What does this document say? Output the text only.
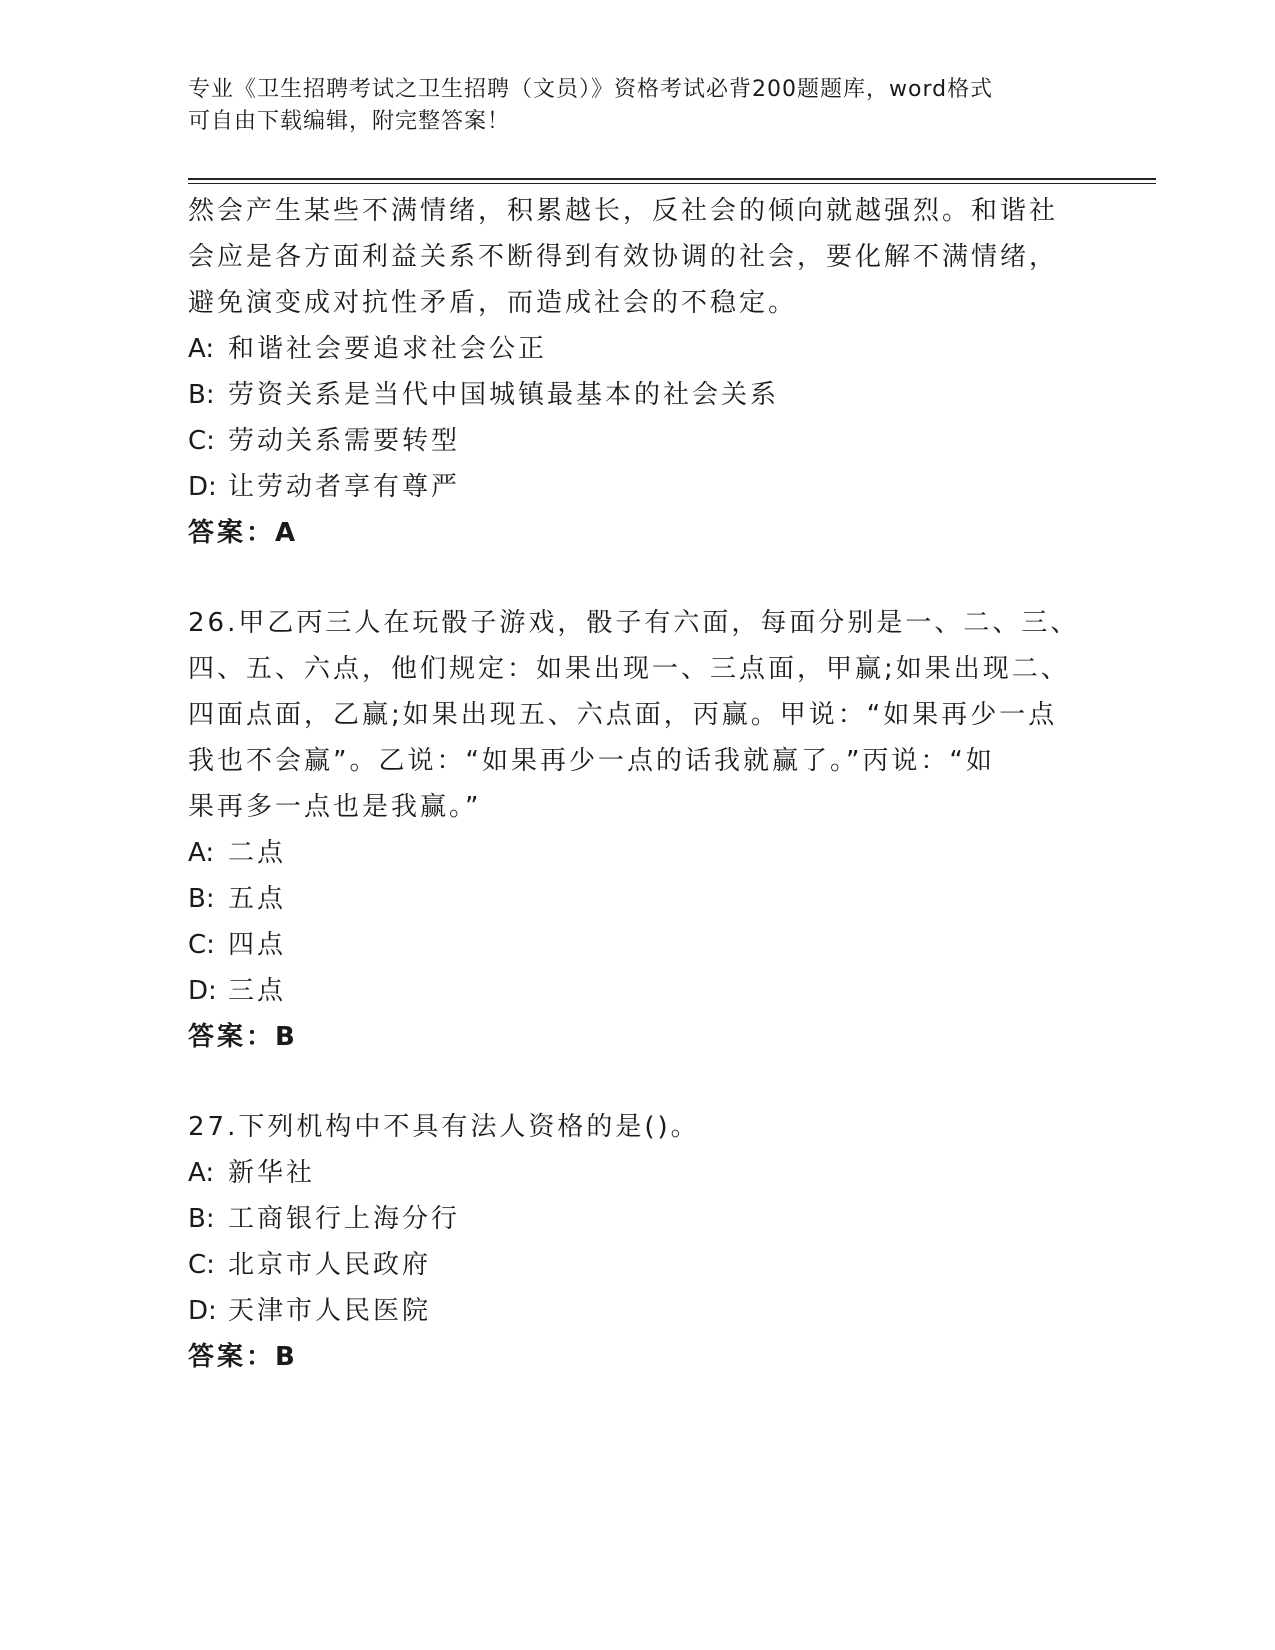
专业《卫生招聘考试之卫生招聘（文员）》资格考试必背200题题库，word格式
可自由下载编辑，附完整答案！
然会产生某些不满情绪，积累越长，反社会的倾向就越强烈。和谐社
会应是各方面利益关系不断得到有效协调的社会，要化解不满情绪，
避免演变成对抗性矛盾，而造成社会的不稳定。
A: 和谐社会要追求社会公正
B: 劳资关系是当代中国城镇最基本的社会关系
C: 劳动关系需要转型
D: 让劳动者享有尊严
答案：A
26.甲乙丙三人在玩骰子游戏，骰子有六面，每面分别是一、二、三、
四、五、六点，他们规定：如果出现一、三点面，甲赢;如果出现二、
四面点面，乙赢;如果出现五、六点面，丙赢。甲说：“如果再少一点
我也不会赢”。乙说：“如果再少一点的话我就赢了。”丙说：“如
果再多一点也是我赢。”
A: 二点
B: 五点
C: 四点
D: 三点
答案：B
27.下列机构中不具有法人资格的是()。
A: 新华社
B: 工商银行上海分行
C: 北京市人民政府
D: 天津市人民医院
答案：B
